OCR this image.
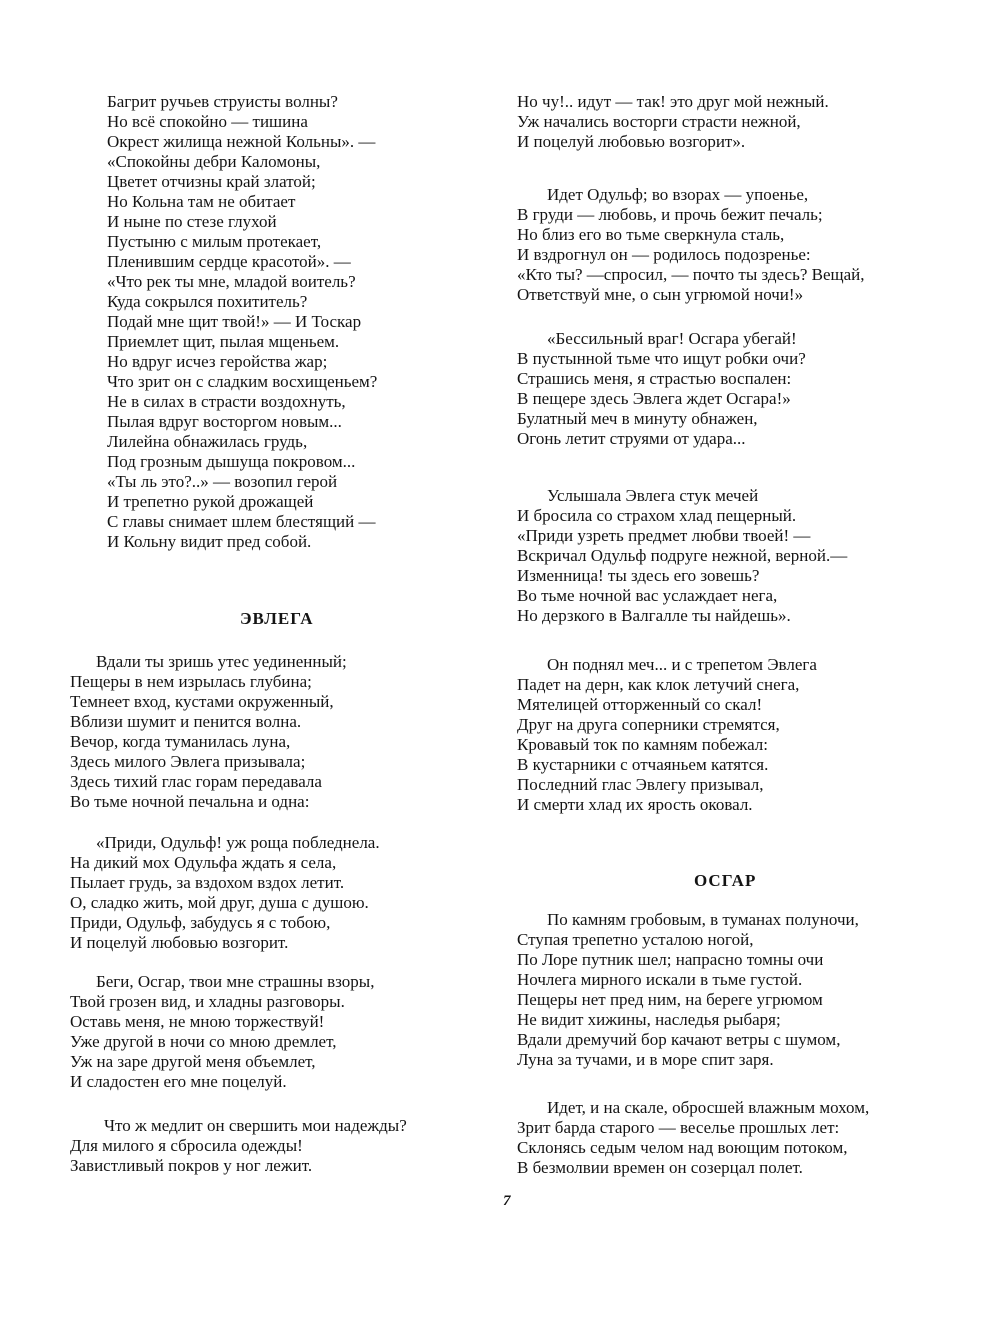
Багрит ручьев струисты волны?
Но всё спокойно — тишина
Окрест жилища нежной Кольны». —
«Спокойны дебри Каломоны,
Цветет отчизны край златой;
Но Кольна там не обитает
И ныне по стезе глухой
Пустыню с милым протекает,
Пленившим сердце красотой». —
«Что рек ты мне, младой воитель?
Куда сокрылся похититель?
Подай мне щит твой!» — И Тоскар
Приемлет щит, пылая мщеньем.
Но вдруг исчез геройства жар;
Что зрит он с сладким восхищеньем?
Не в силах в страсти воздохнуть,
Пылая вдруг восторгом новым...
Лилейна обнажилась грудь,
Под грозным дышуща покровом...
«Ты ль это?..» — возопил герой
И трепетно рукой дрожащей
С главы снимает шлем блестящий —
И Кольну видит пред собой.
ЭВЛЕГА
Вдали ты зришь утес уединенный;
Пещеры в нем изрылась глубина;
Темнеет вход, кустами окруженный,
Вблизи шумит и пенится волна.
Вечор, когда туманилась луна,
Здесь милого Эвлега призывала;
Здесь тихий глас горам передавала
Во тьме ночной печальна и одна:
«Приди, Одульф! уж роща побледнела.
На дикий мох Одульфа ждать я села,
Пылает грудь, за вздохом вздох летит.
О, сладко жить, мой друг, душа с душою.
Приди, Одульф, забудусь я с тобою,
И поцелуй любовью возгорит.
Беги, Осгар, твои мне страшны взоры,
Твой грозен вид, и хладны разговоры.
Оставь меня, не мною торжествуй!
Уже другой в ночи со мною дремлет,
Уж на заре другой меня объемлет,
И сладостен его мне поцелуй.
Что ж медлит он свершить мои надежды?
Для милого я сбросила одежды!
Завистливый покров у ног лежит.
Но чу!.. идут — так! это друг мой нежный.
Уж начались восторги страсти нежной,
И поцелуй любовью возгорит».
Идет Одульф; во взорах — упоенье,
В груди — любовь, и прочь бежит печаль;
Но близ его во тьме сверкнула сталь,
И вздрогнул он — родилось подозренье:
«Кто ты? —спросил, — почто ты здесь? Вещай,
Ответствуй мне, о сын угрюмой ночи!»
«Бессильный враг! Осгара убегай!
В пустынной тьме что ищут робки очи?
Страшись меня, я страстью воспален:
В пещере здесь Эвлега ждет Осгара!»
Булатный меч в минуту обнажен,
Огонь летит струями от удара...
Услышала Эвлега стук мечей
И бросила со страхом хлад пещерный.
«Приди узреть предмет любви твоей! —
Вскричал Одульф подруге нежной, верной.—
Изменница! ты здесь его зовешь?
Во тьме ночной вас услаждает нега,
Но дерзкого в Валгалле ты найдешь».
Он поднял меч... и с трепетом Эвлега
Падет на дерн, как клок летучий снега,
Мятелицей отторженный со скал!
Друг на друга соперники стремятся,
Кровавый ток по камням побежал:
В кустарники с отчаяньем катятся.
Последний глас Эвлегу призывал,
И смерти хлад их ярость оковал.
ОСГАР
По камням гробовым, в туманах полуночи,
Ступая трепетно усталою ногой,
По Лоре путник шел; напрасно томны очи
Ночлега мирного искали в тьме густой.
Пещеры нет пред ним, на береге угрюмом
Не видит хижины, наследья рыбаря;
Вдали дремучий бор качают ветры с шумом,
Луна за тучами, и в море спит заря.
Идет, и на скале, обросшей влажным мохом,
Зрит барда старого — веселье прошлых лет:
Склонясь седым челом над воющим потоком,
В безмолвии времен он созерцал полет.
7
